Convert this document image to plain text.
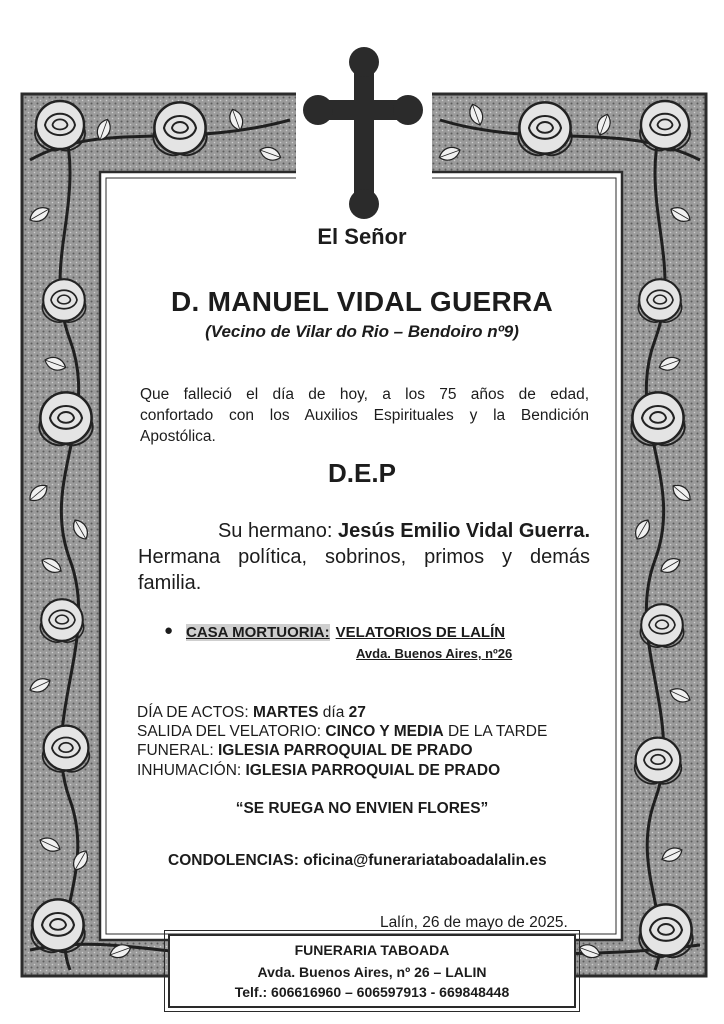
El Señor
D. MANUEL VIDAL GUERRA
(Vecino de Vilar do Rio – Bendoiro nº9)
Que falleció el día de hoy, a los 75 años de edad,
confortado con los Auxilios Espirituales y la Bendición
Apostólica.
D.E.P
Su hermano: Jesús Emilio Vidal Guerra.
Hermana política, sobrinos, primos y demás
familia.
● CASA MORTUORIA: VELATORIOS DE LALÍN
Avda. Buenos Aires, nº26
DÍA DE ACTOS: MARTES día 27
SALIDA DEL VELATORIO: CINCO Y MEDIA DE LA TARDE
FUNERAL: IGLESIA PARROQUIAL DE PRADO
INHUMACIÓN: IGLESIA PARROQUIAL DE PRADO
“SE RUEGA NO ENVIEN FLORES”
CONDOLENCIAS: oficina@funerariataboadalalin.es
Lalín, 26 de mayo de 2025.
FUNERARIA TABOADA
Avda. Buenos Aires, nº 26 – LALIN
Telf.: 606616960 – 606597913 - 669848448
